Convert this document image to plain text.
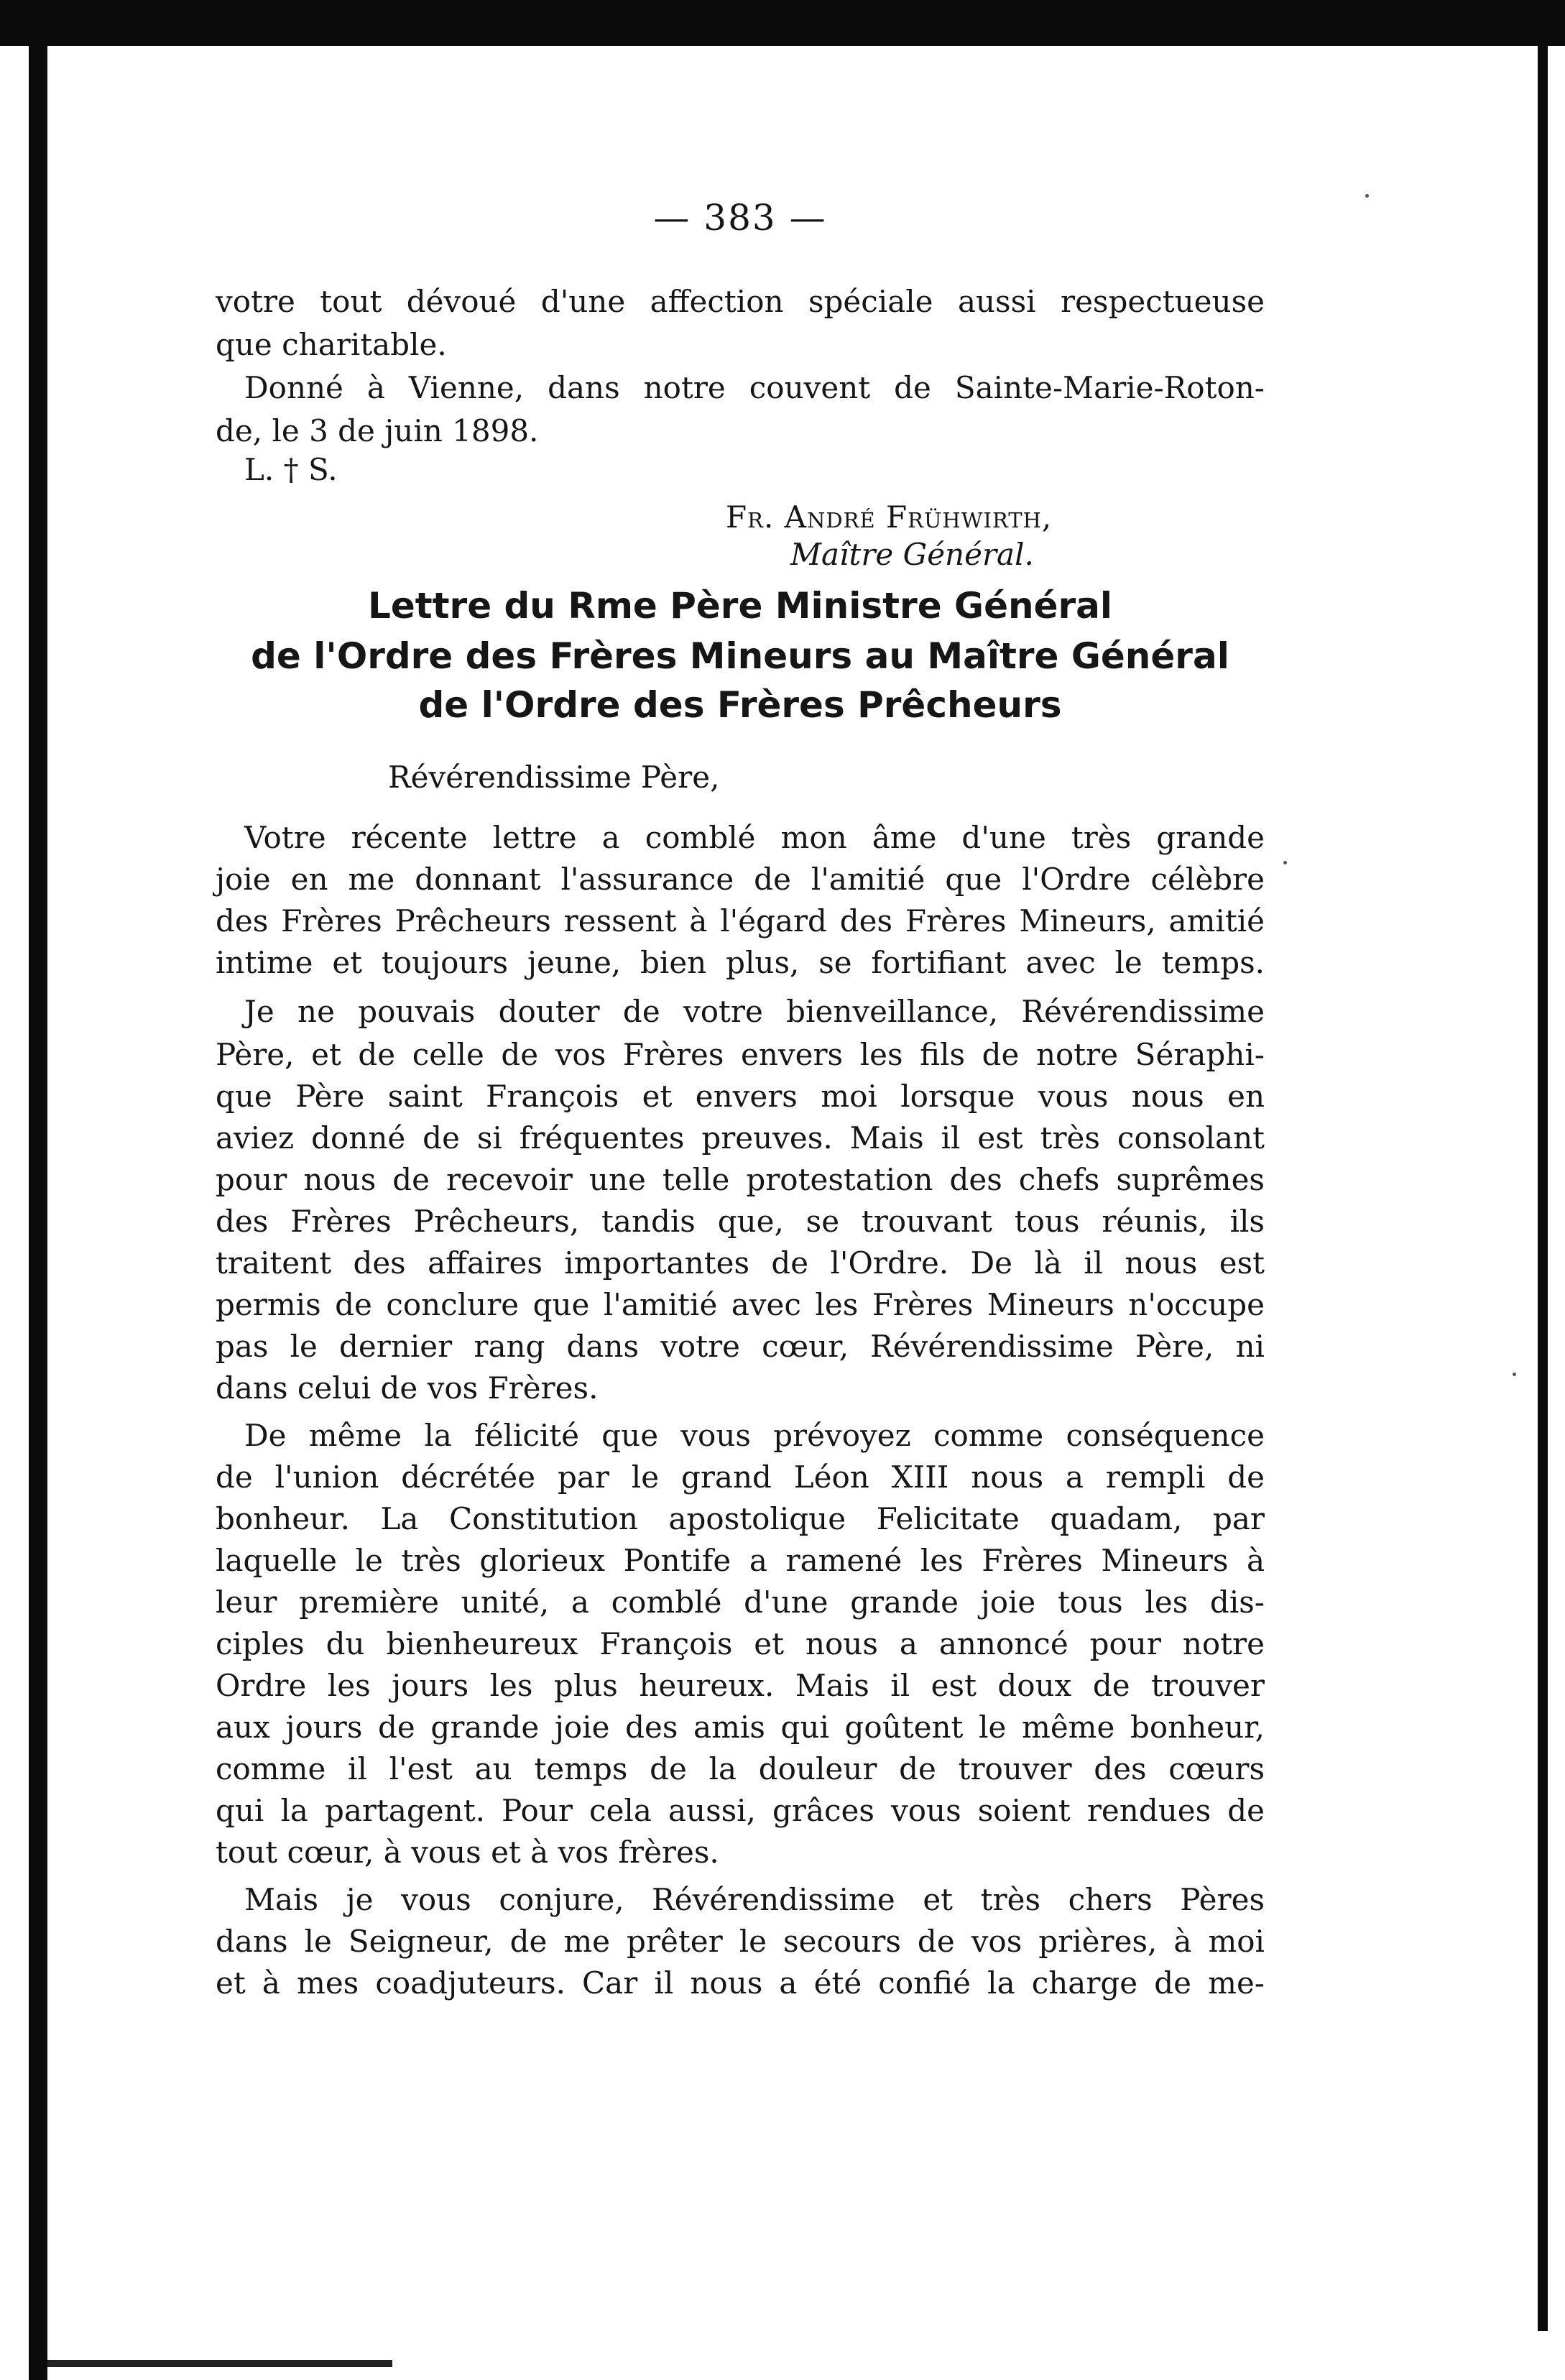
— 383 —
votre tout dévoué d'une affection spéciale aussi respectueuse
que charitable.
Donné à Vienne, dans notre couvent de Sainte-Marie-Roton-
de, le 3 de juin 1898.
L. † S.
Fr. André Frühwirth,
Maître Général.
Lettre du Rme Père Ministre Général
de l'Ordre des Frères Mineurs au Maître Général
de l'Ordre des Frères Prêcheurs
Révérendissime Père,
Votre récente lettre a comblé mon âme d'une très grande
joie en me donnant l'assurance de l'amitié que l'Ordre célèbre
des Frères Prêcheurs ressent à l'égard des Frères Mineurs, amitié
intime et toujours jeune, bien plus, se fortifiant avec le temps.
Je ne pouvais douter de votre bienveillance, Révérendissime
Père, et de celle de vos Frères envers les fils de notre Séraphi-
que Père saint François et envers moi lorsque vous nous en
aviez donné de si fréquentes preuves. Mais il est très consolant
pour nous de recevoir une telle protestation des chefs suprêmes
des Frères Prêcheurs, tandis que, se trouvant tous réunis, ils
traitent des affaires importantes de l'Ordre. De là il nous est
permis de conclure que l'amitié avec les Frères Mineurs n'occupe
pas le dernier rang dans votre cœur, Révérendissime Père, ni
dans celui de vos Frères.
De même la félicité que vous prévoyez comme conséquence
de l'union décrétée par le grand Léon XIII nous a rempli de
bonheur. La Constitution apostolique Felicitate quadam, par
laquelle le très glorieux Pontife a ramené les Frères Mineurs à
leur première unité, a comblé d'une grande joie tous les dis-
ciples du bienheureux François et nous a annoncé pour notre
Ordre les jours les plus heureux. Mais il est doux de trouver
aux jours de grande joie des amis qui goûtent le même bonheur,
comme il l'est au temps de la douleur de trouver des cœurs
qui la partagent. Pour cela aussi, grâces vous soient rendues de
tout cœur, à vous et à vos frères.
Mais je vous conjure, Révérendissime et très chers Pères
dans le Seigneur, de me prêter le secours de vos prières, à moi
et à mes coadjuteurs. Car il nous a été confié la charge de me-
